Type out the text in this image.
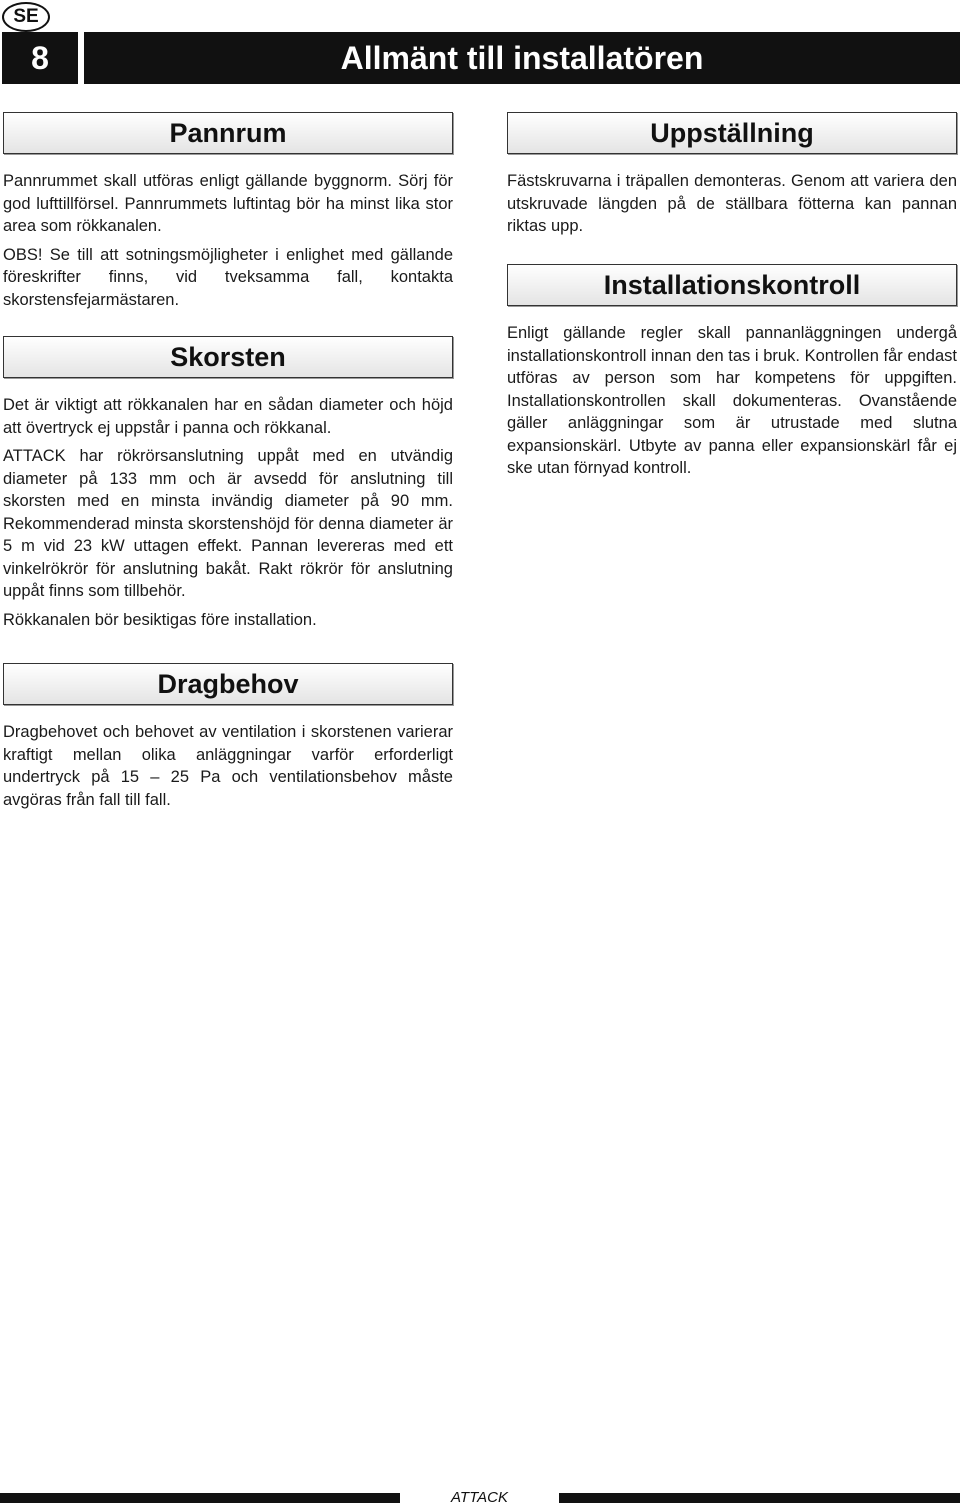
SE
8	Allmänt till installatören
Pannrum

Pannrummet skall utföras enligt gällande byggnorm. Sörj för god lufttillförsel. Pannrummets luftintag bör ha minst lika stor area som rökkanalen.

OBS! Se till att sotningsmöjligheter i enlighet med gällande föreskrifter finns, vid tveksamma fall, kontakta skorstensfejarmästaren.

Skorsten

Det är viktigt att rökkanalen har en sådan diameter och höjd att övertryck ej uppstår i panna och rökkanal.

ATTACK har rökrörsanslutning uppåt med en utvändig diameter på 133 mm och är avsedd för anslutning till skorsten med en minsta invändig diameter på 90 mm. Rekommenderad minsta skorstenshöjd för denna diameter är 5 m vid 23 kW uttagen effekt. Pannan levereras med ett vinkelrökrör för anslutning bakåt. Rakt rökrör för anslutning uppåt finns som tillbehör.

Rökkanalen bör besiktigas före installation.

Dragbehov

Dragbehovet och behovet av ventilation i skorstenen varierar kraftigt mellan olika anläggningar varför erforderligt undertryck på 15 – 25 Pa och ventilationsbehov måste avgöras från fall till fall.

Uppställning

Fästskruvarna i träpallen demonteras. Genom att variera den utskruvade längden på de ställbara fötterna kan pannan riktas upp.

Installationskontroll

Enligt gällande regler skall pannanläggningen undergå installationskontroll innan den tas i bruk. Kontrollen får endast utföras av person som har kompetens för uppgiften. Installationskontrollen skall dokumenteras. Ovanstående gäller anläggningar som är utrustade med slutna expansionskärl. Utbyte av panna eller expansionskärl får ej ske utan förnyad kontroll.

ATTACK
